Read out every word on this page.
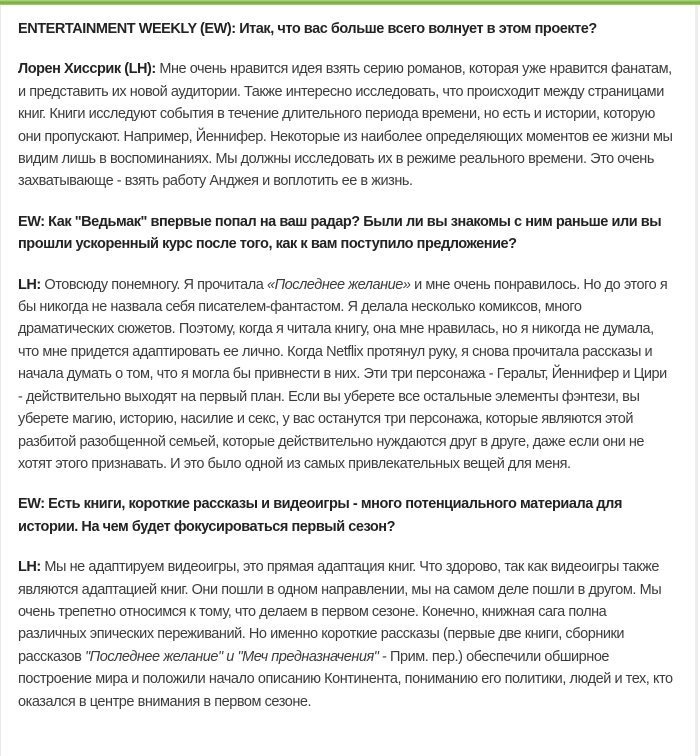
ENTERTAINMENT WEEKLY (EW): Итак, что вас больше всего волнует в этом проекте?

Лорен Хиссрик (LH): Мне очень нравится идея взять серию романов, которая уже нравится фанатам, и представить их новой аудитории. Также интересно исследовать, что происходит между страницами книг. Книги исследуют события в течение длительного периода времени, но есть и истории, которую они пропускают. Например, Йеннифер. Некоторые из наиболее определяющих моментов ее жизни мы видим лишь в воспоминаниях. Мы должны исследовать их в режиме реального времени. Это очень захватывающе - взять работу Анджея и воплотить ее в жизнь.

EW: Как "Ведьмак" впервые попал на ваш радар? Были ли вы знакомы с ним раньше или вы прошли ускоренный курс после того, как к вам поступило предложение?

LH: Отовсюду понемногу. Я прочитала «Последнее желание» и мне очень понравилось. Но до этого я бы никогда не назвала себя писателем-фантастом. Я делала несколько комиксов, много драматических сюжетов. Поэтому, когда я читала книгу, она мне нравилась, но я никогда не думала, что мне придется адаптировать ее лично. Когда Netflix протянул руку, я снова прочитала рассказы и начала думать о том, что я могла бы привнести в них. Эти три персонажа - Геральт, Йеннифер и Цири - действительно выходят на первый план. Если вы уберете все остальные элементы фэнтези, вы уберете магию, историю, насилие и секс, у вас останутся три персонажа, которые являются этой разбитой разобщенной семьей, которые действительно нуждаются друг в друге, даже если они не хотят этого признавать. И это было одной из самых привлекательных вещей для меня.

EW: Есть книги, короткие рассказы и видеоигры - много потенциального материала для истории. На чем будет фокусироваться первый сезон?

LH: Мы не адаптируем видеоигры, это прямая адаптация книг. Что здорово, так как видеоигры также являются адаптацией книг. Они пошли в одном направлении, мы на самом деле пошли в другом. Мы очень трепетно относимся к тому, что делаем в первом сезоне. Конечно, книжная сага полна различных эпических переживаний. Но именно короткие рассказы (первые две книги, сборники рассказов "Последнее желание" и "Меч предназначения" - Прим. пер.) обеспечили обширное построение мира и положили начало описанию Континента, пониманию его политики, людей и тех, кто оказался в центре внимания в первом сезоне.
